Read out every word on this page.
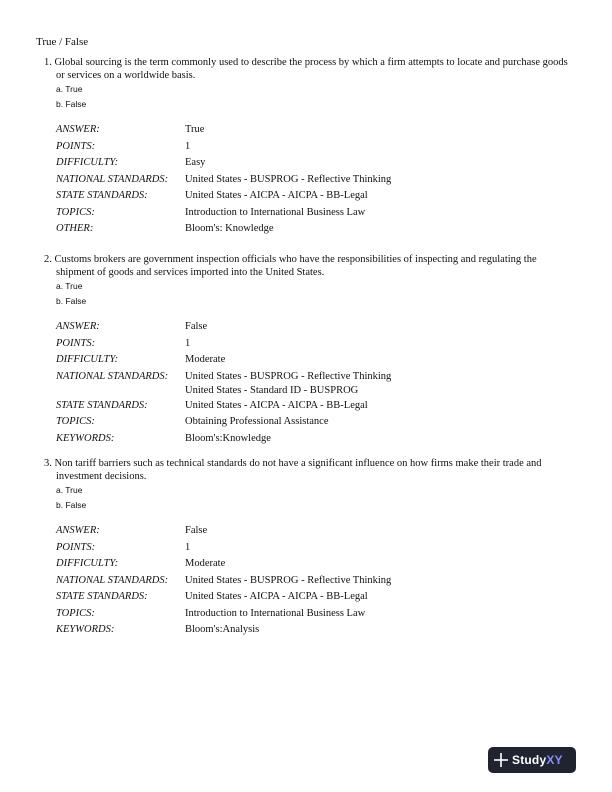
True / False
1. Global sourcing is the term commonly used to describe the process by which a firm attempts to locate and purchase goods or services on a worldwide basis.
a. True
b. False
ANSWER:	True
POINTS:	1
DIFFICULTY:	Easy
NATIONAL STANDARDS:	United States - BUSPROG - Reflective Thinking
STATE STANDARDS:	United States - AICPA - AICPA - BB-Legal
TOPICS:	Introduction to International Business Law
OTHER:	Bloom's: Knowledge
2. Customs brokers are government inspection officials who have the responsibilities of inspecting and regulating the shipment of goods and services imported into the United States.
a. True
b. False
ANSWER:	False
POINTS:	1
DIFFICULTY:	Moderate
NATIONAL STANDARDS:	United States - BUSPROG - Reflective Thinking
United States - Standard ID - BUSPROG
STATE STANDARDS:	United States - AICPA - AICPA - BB-Legal
TOPICS:	Obtaining Professional Assistance
KEYWORDS:	Bloom's:Knowledge
3. Non tariff barriers such as technical standards do not have a significant influence on how firms make their trade and investment decisions.
a. True
b. False
ANSWER:	False
POINTS:	1
DIFFICULTY:	Moderate
NATIONAL STANDARDS:	United States - BUSPROG - Reflective Thinking
STATE STANDARDS:	United States - AICPA - AICPA - BB-Legal
TOPICS:	Introduction to International Business Law
KEYWORDS:	Bloom's:Analysis
StudyXY
